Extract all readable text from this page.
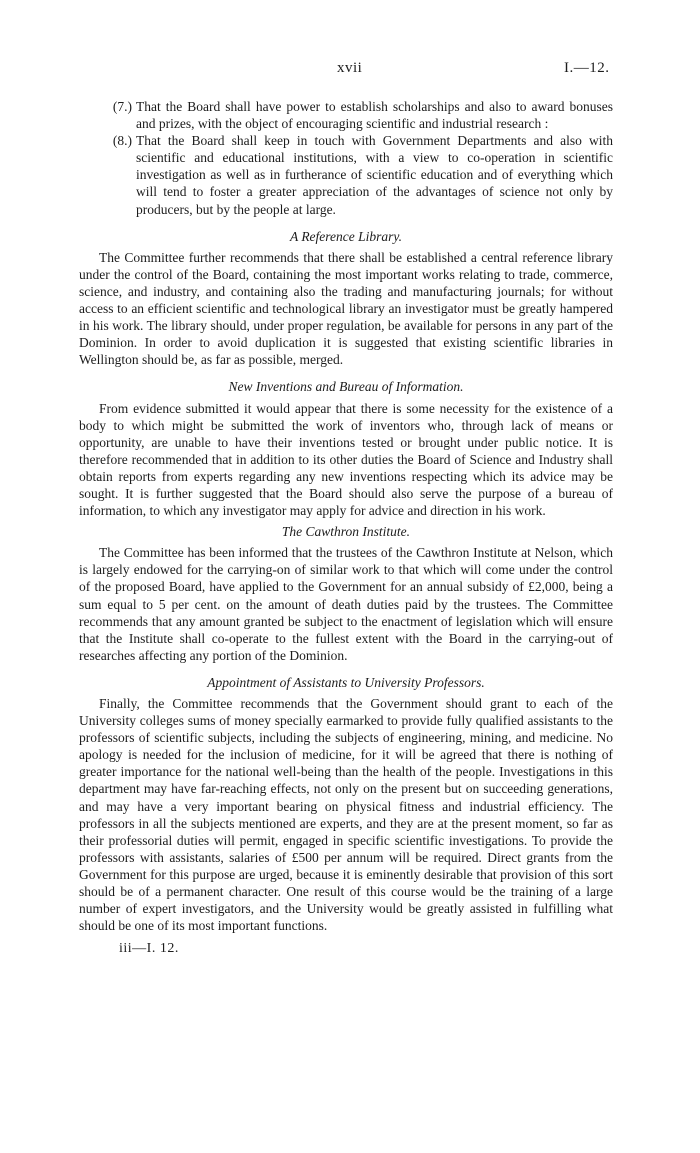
xvii	I.—12.
(7.) That the Board shall have power to establish scholarships and also to award bonuses and prizes, with the object of encouraging scientific and industrial research :
(8.) That the Board shall keep in touch with Government Departments and also with scientific and educational institutions, with a view to co-operation in scientific investigation as well as in furtherance of scientific education and of everything which will tend to foster a greater appreciation of the advantages of science not only by producers, but by the people at large.

A Reference Library.

The Committee further recommends that there shall be established a central reference library under the control of the Board, containing the most important works relating to trade, commerce, science, and industry, and containing also the trading and manufacturing journals; for without access to an efficient scientific and technological library an investigator must be greatly hampered in his work. The library should, under proper regulation, be available for persons in any part of the Dominion. In order to avoid duplication it is suggested that existing scientific libraries in Wellington should be, as far as possible, merged.

New Inventions and Bureau of Information.

From evidence submitted it would appear that there is some necessity for the existence of a body to which might be submitted the work of inventors who, through lack of means or opportunity, are unable to have their inventions tested or brought under public notice. It is therefore recommended that in addition to its other duties the Board of Science and Industry shall obtain reports from experts regarding any new inventions respecting which its advice may be sought. It is further suggested that the Board should also serve the purpose of a bureau of information, to which any investigator may apply for advice and direction in his work.

The Cawthron Institute.

The Committee has been informed that the trustees of the Cawthron Institute at Nelson, which is largely endowed for the carrying-on of similar work to that which will come under the control of the proposed Board, have applied to the Government for an annual subsidy of £2,000, being a sum equal to 5 per cent. on the amount of death duties paid by the trustees. The Committee recommends that any amount granted be subject to the enactment of legislation which will ensure that the Institute shall co-operate to the fullest extent with the Board in the carrying-out of researches affecting any portion of the Dominion.

Appointment of Assistants to University Professors.

Finally, the Committee recommends that the Government should grant to each of the University colleges sums of money specially earmarked to provide fully qualified assistants to the professors of scientific subjects, including the subjects of engineering, mining, and medicine. No apology is needed for the inclusion of medicine, for it will be agreed that there is nothing of greater importance for the national well-being than the health of the people. Investigations in this department may have far-reaching effects, not only on the present but on succeeding generations, and may have a very important bearing on physical fitness and industrial efficiency. The professors in all the subjects mentioned are experts, and they are at the present moment, so far as their professorial duties will permit, engaged in specific scientific investigations. To provide the professors with assistants, salaries of £500 per annum will be required. Direct grants from the Government for this purpose are urged, because it is eminently desirable that provision of this sort should be of a permanent character. One result of this course would be the training of a large number of expert investigators, and the University would be greatly assisted in fulfilling what should be one of its most important functions.

iii—I. 12.
